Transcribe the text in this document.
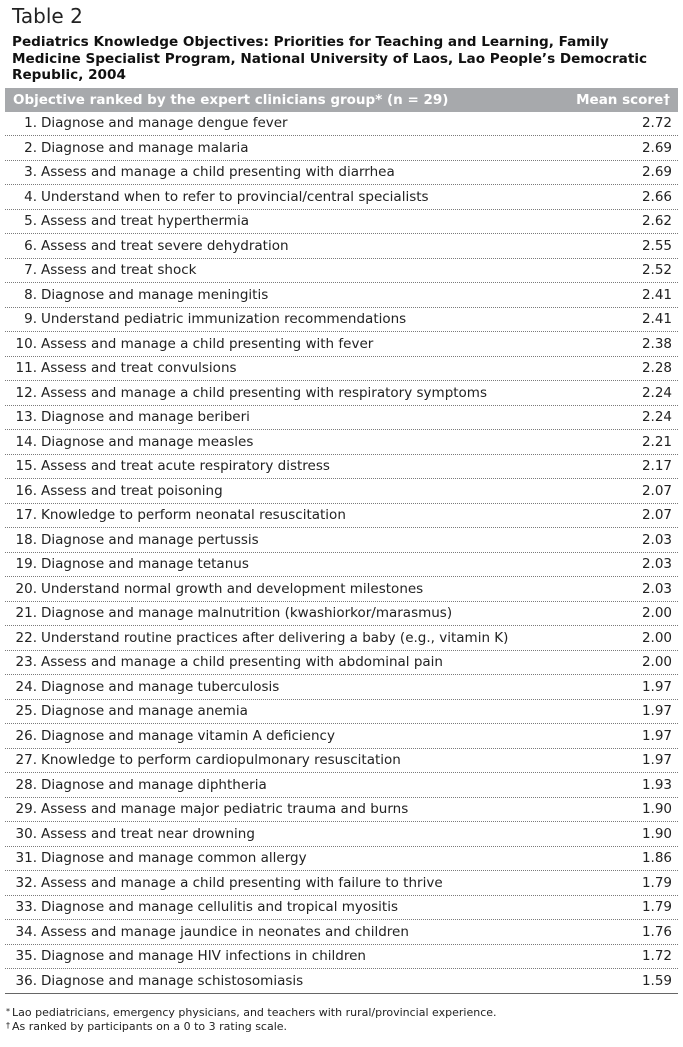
Table 2
Pediatrics Knowledge Objectives: Priorities for Teaching and Learning, Family Medicine Specialist Program, National University of Laos, Lao People’s Democratic Republic, 2004
Objective ranked by the expert clinicians group* (n = 29)	Mean score†
1. Diagnose and manage dengue fever	2.72
2. Diagnose and manage malaria	2.69
3. Assess and manage a child presenting with diarrhea	2.69
4. Understand when to refer to provincial/central specialists	2.66
5. Assess and treat hyperthermia	2.62
6. Assess and treat severe dehydration	2.55
7. Assess and treat shock	2.52
8. Diagnose and manage meningitis	2.41
9. Understand pediatric immunization recommendations	2.41
10. Assess and manage a child presenting with fever	2.38
11. Assess and treat convulsions	2.28
12. Assess and manage a child presenting with respiratory symptoms	2.24
13. Diagnose and manage beriberi	2.24
14. Diagnose and manage measles	2.21
15. Assess and treat acute respiratory distress	2.17
16. Assess and treat poisoning	2.07
17. Knowledge to perform neonatal resuscitation	2.07
18. Diagnose and manage pertussis	2.03
19. Diagnose and manage tetanus	2.03
20. Understand normal growth and development milestones	2.03
21. Diagnose and manage malnutrition (kwashiorkor/marasmus)	2.00
22. Understand routine practices after delivering a baby (e.g., vitamin K)	2.00
23. Assess and manage a child presenting with abdominal pain	2.00
24. Diagnose and manage tuberculosis	1.97
25. Diagnose and manage anemia	1.97
26. Diagnose and manage vitamin A deficiency	1.97
27. Knowledge to perform cardiopulmonary resuscitation	1.97
28. Diagnose and manage diphtheria	1.93
29. Assess and manage major pediatric trauma and burns	1.90
30. Assess and treat near drowning	1.90
31. Diagnose and manage common allergy	1.86
32. Assess and manage a child presenting with failure to thrive	1.79
33. Diagnose and manage cellulitis and tropical myositis	1.79
34. Assess and manage jaundice in neonates and children	1.76
35. Diagnose and manage HIV infections in children	1.72
36. Diagnose and manage schistosomiasis	1.59
* Lao pediatricians, emergency physicians, and teachers with rural/provincial experience.
† As ranked by participants on a 0 to 3 rating scale.
